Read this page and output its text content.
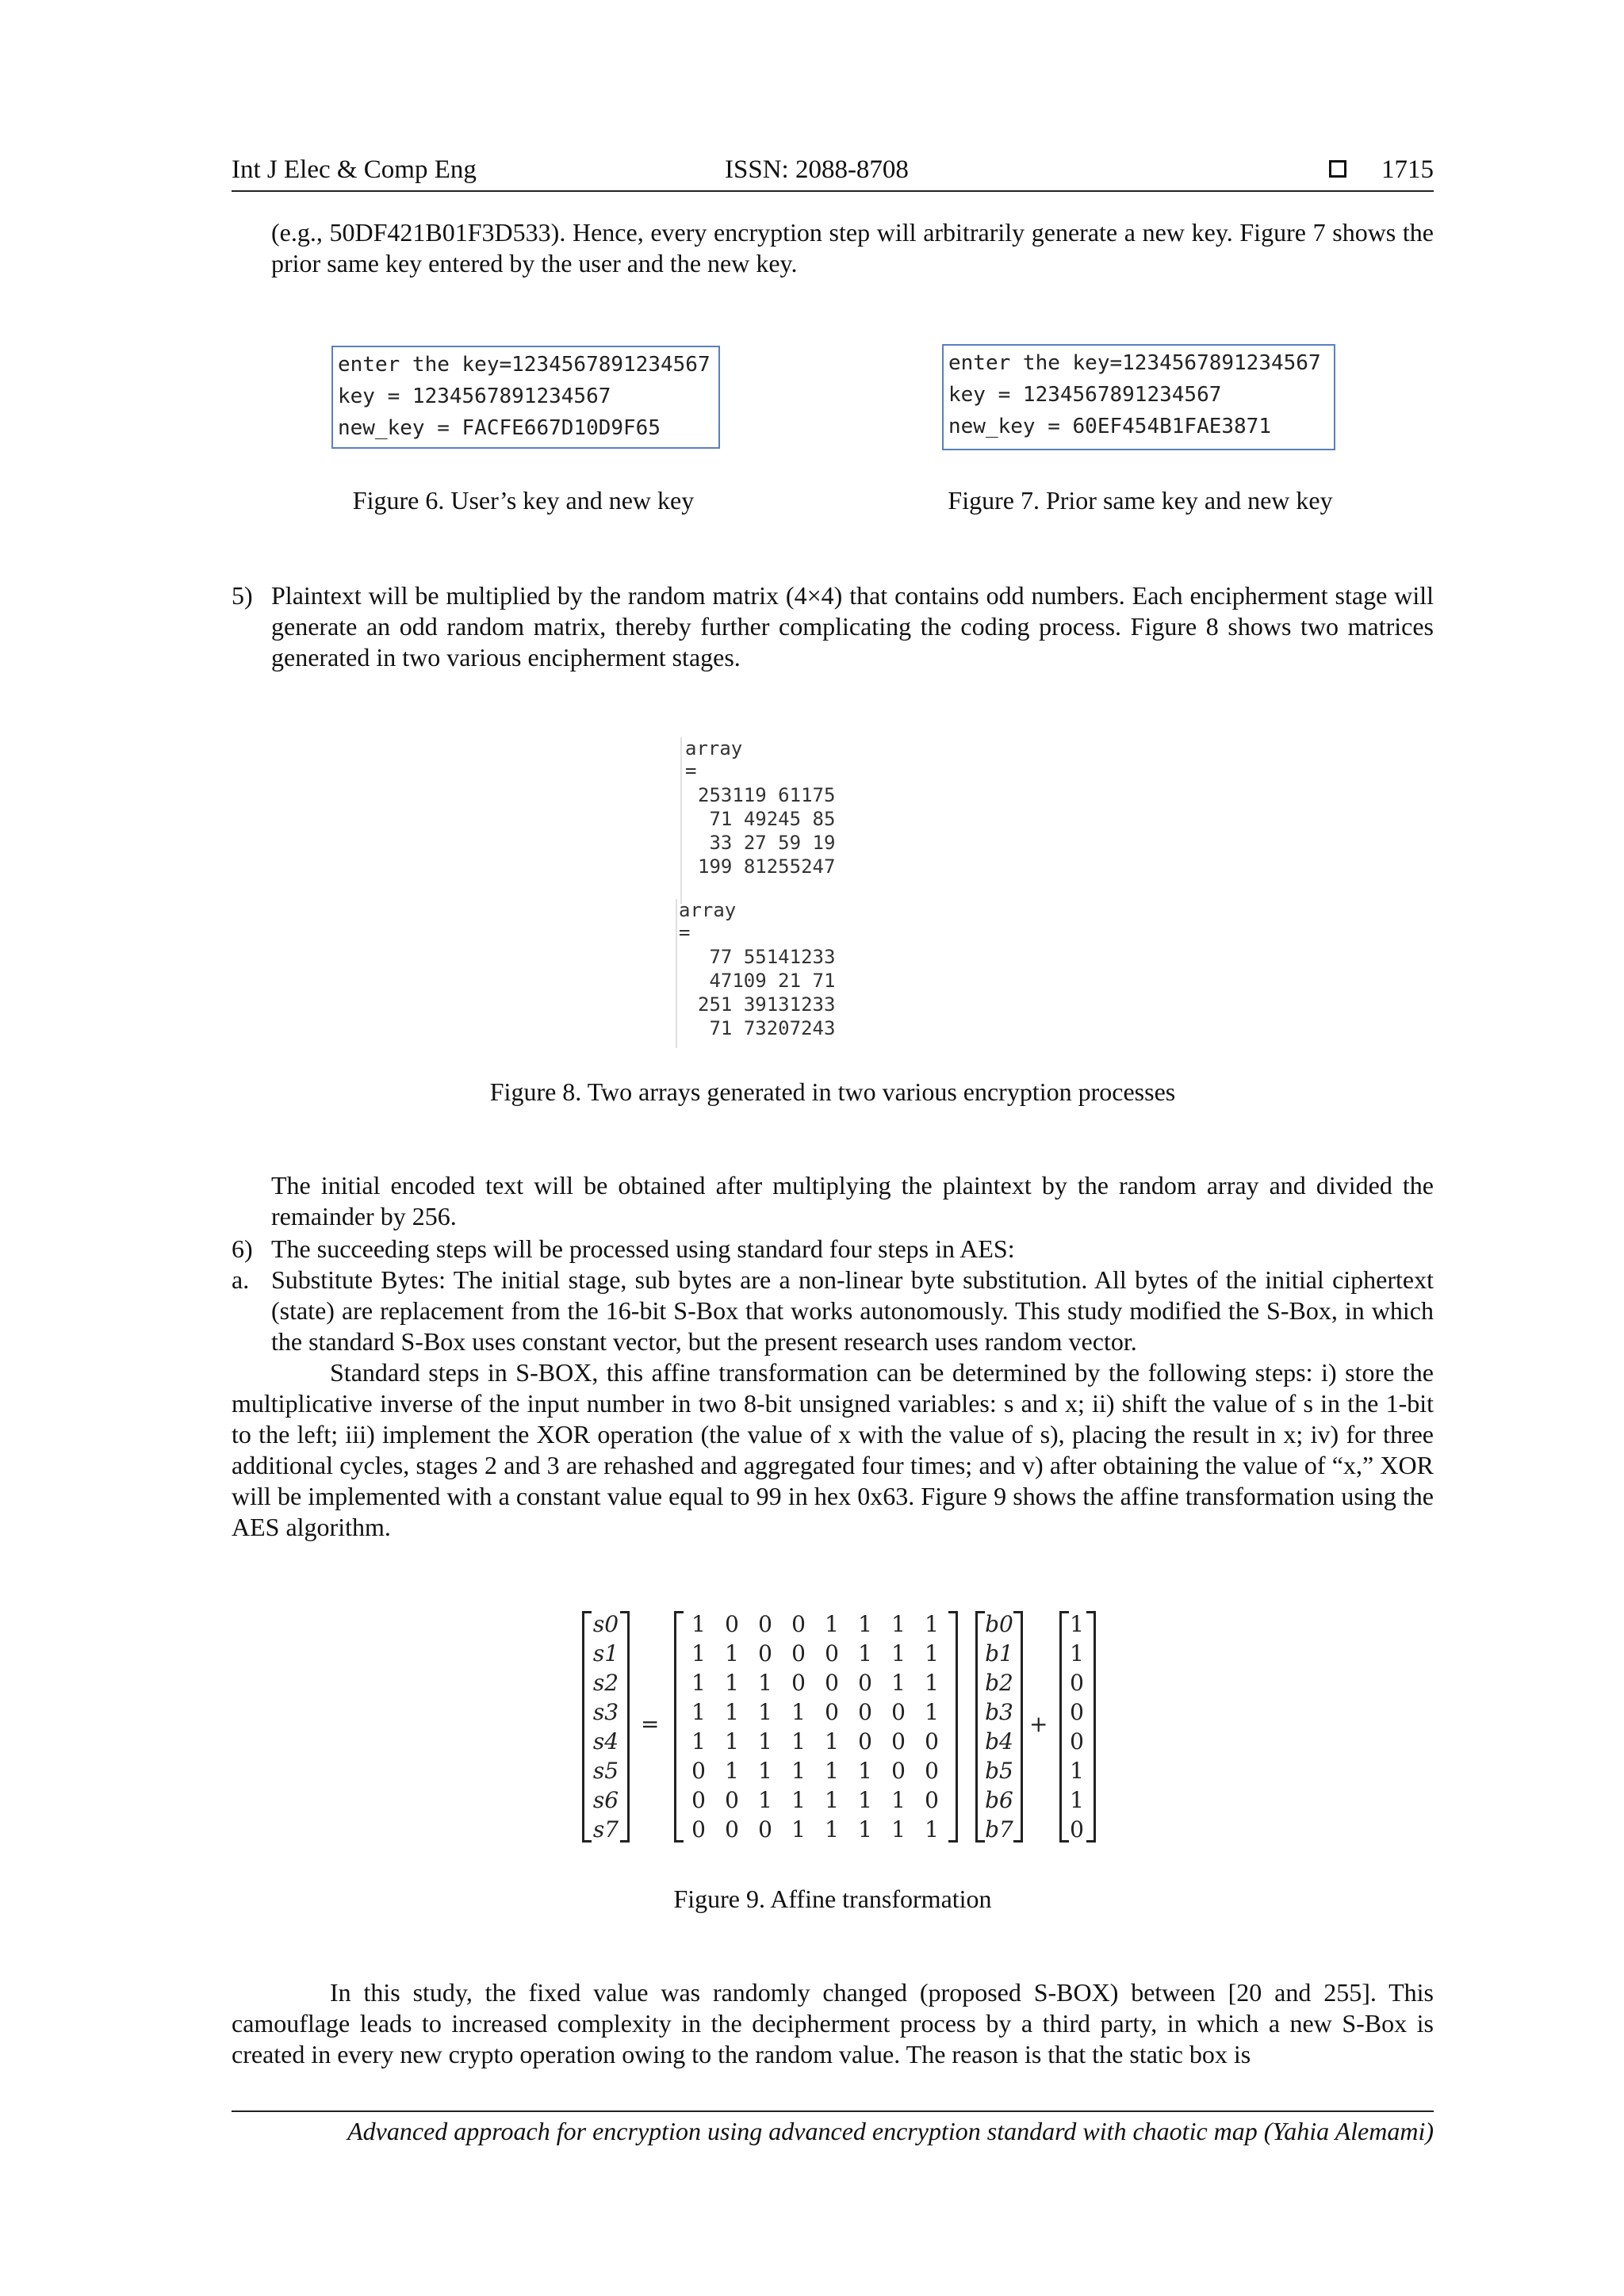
Int J Elec & Comp Eng	ISSN: 2088-8708	1715
(e.g., 50DF421B01F3D533). Hence, every encryption step will arbitrarily generate a new key. Figure 7 shows the prior same key entered by the user and the new key.
enter the key=1234567891234567
key = 1234567891234567
new_key = FACFE667D10D9F65
Figure 6. User’s key and new key
enter the key=1234567891234567
key = 1234567891234567
new_key = 60EF454B1FAE3871
Figure 7. Prior same key and new key
5) Plaintext will be multiplied by the random matrix (4×4) that contains odd numbers. Each encipherment stage will generate an odd random matrix, thereby further complicating the coding process. Figure 8 shows two matrices generated in two various encipherment stages.
array =
253	119	61	175
71	49	245	85
33	27	59	19
199	81	255	247
array =
77	55	141	233
47	109	21	71
251	39	131	233
71	73	207	243
Figure 8. Two arrays generated in two various encryption processes
The initial encoded text will be obtained after multiplying the plaintext by the random array and divided the remainder by 256.
6) The succeeding steps will be processed using standard four steps in AES:
a. Substitute Bytes: The initial stage, sub bytes are a non-linear byte substitution. All bytes of the initial ciphertext (state) are replacement from the 16-bit S-Box that works autonomously. This study modified the S-Box, in which the standard S-Box uses constant vector, but the present research uses random vector.
Standard steps in S-BOX, this affine transformation can be determined by the following steps: i) store the multiplicative inverse of the input number in two 8-bit unsigned variables: s and x; ii) shift the value of s in the 1-bit to the left; iii) implement the XOR operation (the value of x with the value of s), placing the result in x; iv) for three additional cycles, stages 2 and 3 are rehashed and aggregated four times; and v) after obtaining the value of “x,” XOR will be implemented with a constant value equal to 99 in hex 0x63. Figure 9 shows the affine transformation using the AES algorithm.
s0
s1
s2
s3
s4
s5
s6
s7
=
1	0	0	0	1	1	1	1
1	1	0	0	0	1	1	1
1	1	1	0	0	0	1	1
1	1	1	1	0	0	0	1
1	1	1	1	1	0	0	0
0	1	1	1	1	1	0	0
0	0	1	1	1	1	1	0
0	0	0	1	1	1	1	1
b0
b1
b2
b3
b4
b5
b6
b7
+
1
1
0
0
0
1
1
0
Figure 9. Affine transformation
In this study, the fixed value was randomly changed (proposed S-BOX) between [20 and 255]. This camouflage leads to increased complexity in the decipherment process by a third party, in which a new S-Box is created in every new crypto operation owing to the random value. The reason is that the static box is
Advanced approach for encryption using advanced encryption standard with chaotic map (Yahia Alemami)
